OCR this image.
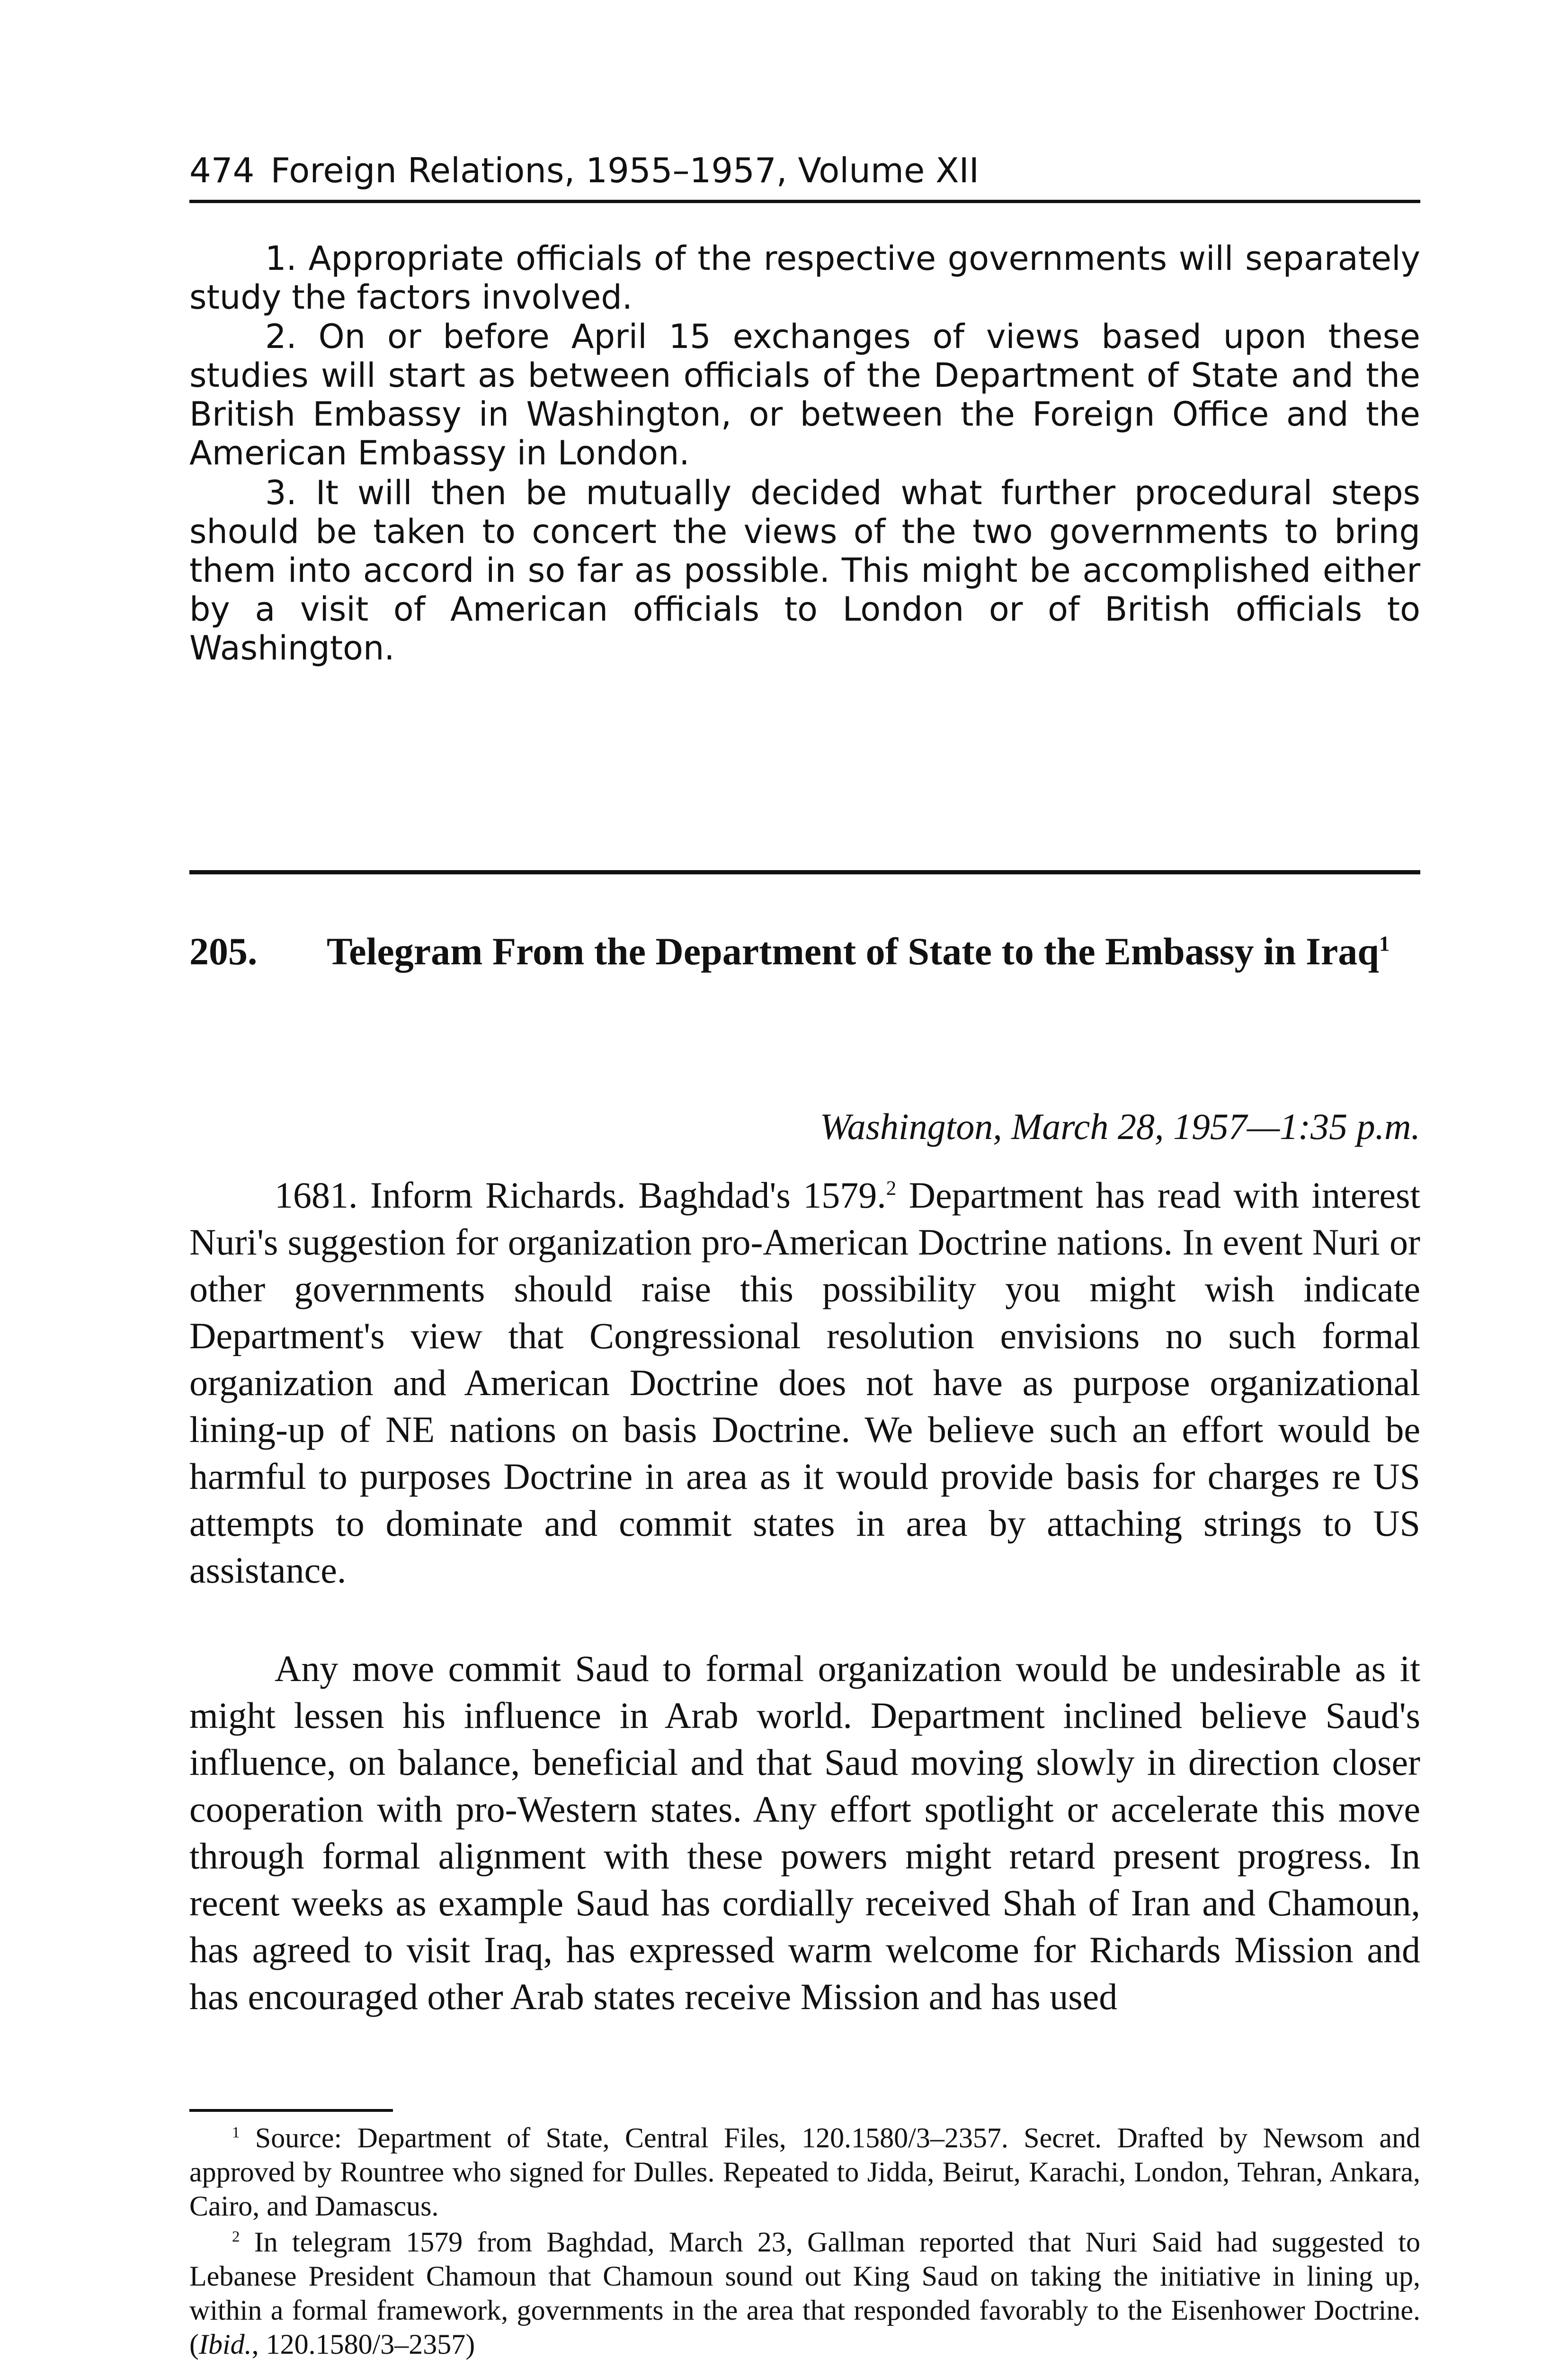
474 Foreign Relations, 1955–1957, Volume XII

1. Appropriate officials of the respective governments will separately study the factors involved.

2. On or before April 15 exchanges of views based upon these studies will start as between officials of the Department of State and the British Embassy in Washington, or between the Foreign Office and the American Embassy in London.

3. It will then be mutually decided what further procedural steps should be taken to concert the views of the two governments to bring them into accord in so far as possible. This might be accomplished either by a visit of American officials to London or of British officials to Washington.

205. Telegram From the Department of State to the Embassy in Iraq$^1$
Washington, March 28, 1957—1:35 p.m.

1681. Inform Richards. Baghdad's 1579.$^2$ Department has read with interest Nuri's suggestion for organization pro-American Doctrine nations. In event Nuri or other governments should raise this possibility you might wish indicate Department's view that Congressional resolution envisions no such formal organization and American Doctrine does not have as purpose organizational lining-up of NE nations on basis Doctrine. We believe such an effort would be harmful to purposes Doctrine in area as it would provide basis for charges re US attempts to dominate and commit states in area by attaching strings to US assistance.

Any move commit Saud to formal organization would be undesirable as it might lessen his influence in Arab world. Department inclined believe Saud's influence, on balance, beneficial and that Saud moving slowly in direction closer cooperation with pro-Western states. Any effort spotlight or accelerate this move through formal alignment with these powers might retard present progress. In recent weeks as example Saud has cordially received Shah of Iran and Chamoun, has agreed to visit Iraq, has expressed warm welcome for Richards Mission and has encouraged other Arab states receive Mission and has used

$^1$ Source: Department of State, Central Files, 120.1580/3–2357. Secret. Drafted by Newsom and approved by Rountree who signed for Dulles. Repeated to Jidda, Beirut, Karachi, London, Tehran, Ankara, Cairo, and Damascus.

$^2$ In telegram 1579 from Baghdad, March 23, Gallman reported that Nuri Said had suggested to Lebanese President Chamoun that Chamoun sound out King Saud on taking the initiative in lining up, within a formal framework, governments in the area that responded favorably to the Eisenhower Doctrine. (Ibid., 120.1580/3–2357)
